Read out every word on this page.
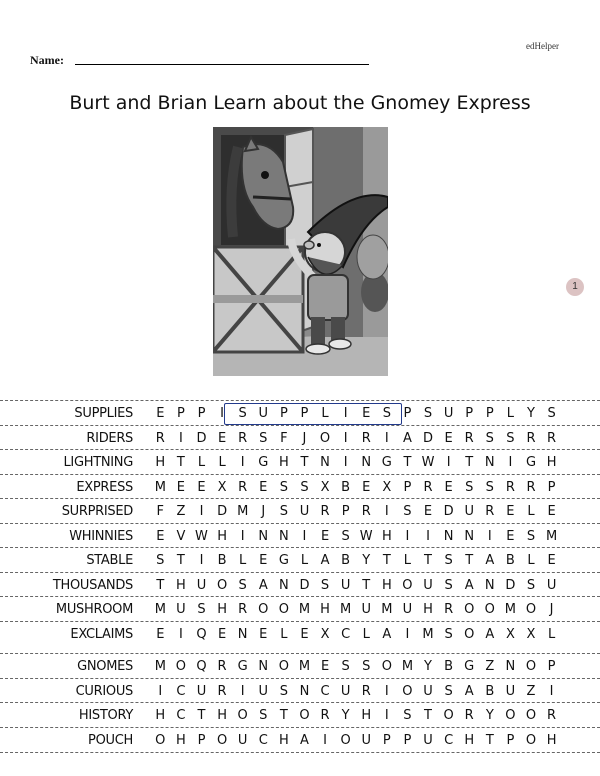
edHelper
Name:
Burt and Brian Learn about the Gnomey Express
1
SUPPLIES	E P P I S U P P L I E S P S U P P L Y S
RIDERS	R I D E R S F J O I R I A D E R S S R R
LIGHTNING	H T L L I G H T N I N G T W I T N I G H
EXPRESS	M E E X R E S S X B E X P R E S S R R P
SURPRISED	F Z I D M J S U R P R I S E D U R E L E
WHINNIES	E V W H I N N I E S W H I I N N I E S M
STABLE	S T I B L E G L A B Y T L T S T A B L E
THOUSANDS	T H U O S A N D S U T H O U S A N D S U
MUSHROOM	M U S H R O O M H M U M U H R O O M O J
EXCLAIMS	E I Q E N E L E X C L A I M S O A X X L
GNOMES	M O Q R G N O M E S S O M Y B G Z N O P
CURIOUS	I C U R I U S N C U R I O U S A B U Z I
HISTORY	H C T H O S T O R Y H I S T O R Y O O R
POUCH	O H P O U C H A I O U P P U C H T P O H
